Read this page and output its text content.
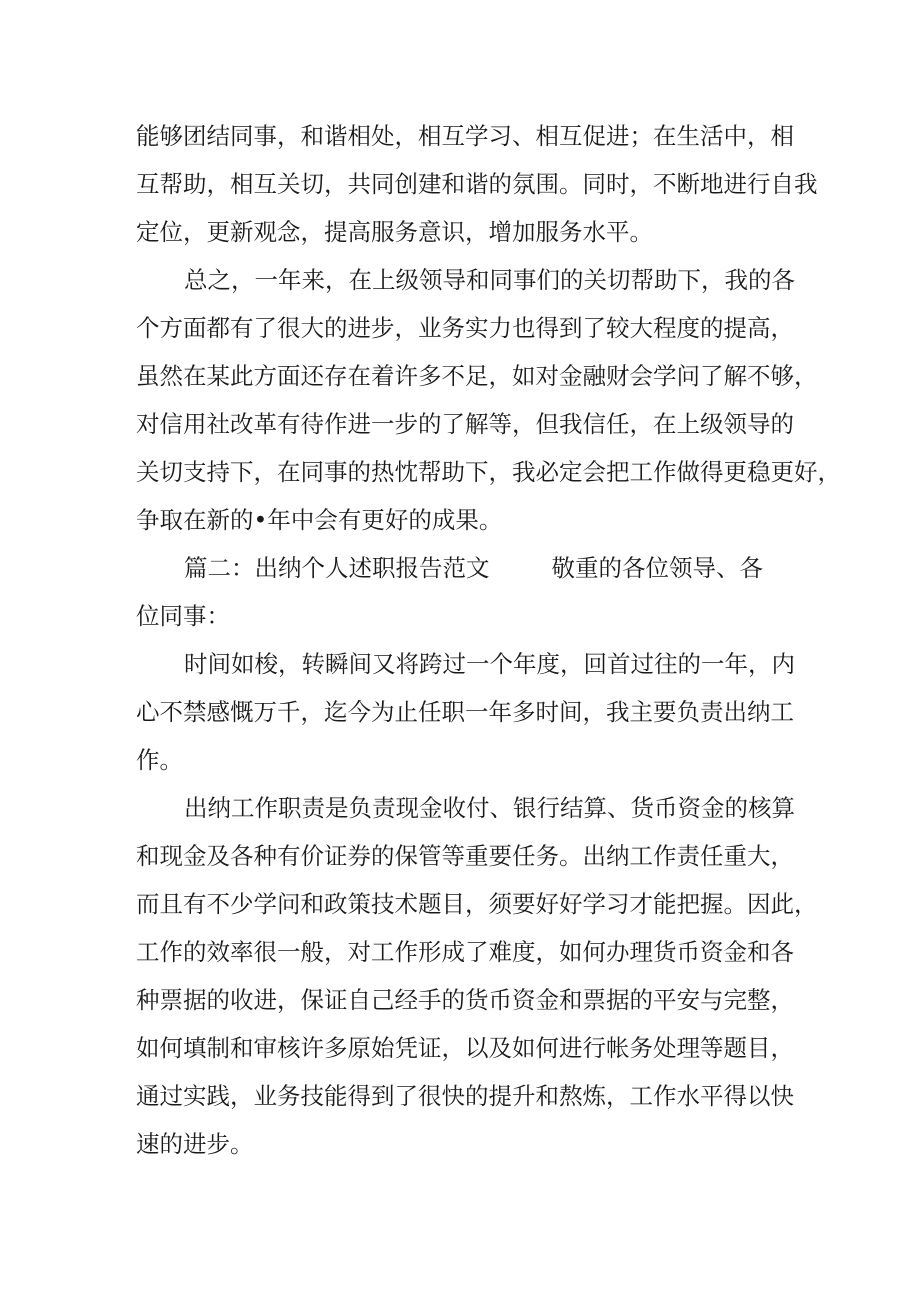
能够团结同事，和谐相处，相互学习、相互促进；在生活中，相
互帮助，相互关切，共同创建和谐的氛围。同时，不断地进行自我
定位，更新观念，提高服务意识，增加服务水平。
总之，一年来，在上级领导和同事们的关切帮助下，我的各
个方面都有了很大的进步，业务实力也得到了较大程度的提高，
虽然在某此方面还存在着许多不足，如对金融财会学问了解不够，
对信用社改革有待作进一步的了解等，但我信任，在上级领导的
关切支持下，在同事的热忱帮助下，我必定会把工作做得更稳更好，
争取在新的•年中会有更好的成果。
篇二：出纳个人述职报告范文	敬重的各位领导、各
位同事：
时间如梭，转瞬间又将跨过一个年度，回首过往的一年，内
心不禁感慨万千，迄今为止任职一年多时间，我主要负责出纳工
作。
出纳工作职责是负责现金收付、银行结算、货币资金的核算
和现金及各种有价证券的保管等重要任务。出纳工作责任重大，
而且有不少学问和政策技术题目，须要好好学习才能把握。因此，
工作的效率很一般，对工作形成了难度，如何办理货币资金和各
种票据的收进，保证自己经手的货币资金和票据的平安与完整，
如何填制和审核许多原始凭证，以及如何进行帐务处理等题目，
通过实践，业务技能得到了很快的提升和熬炼，工作水平得以快
速的进步。
